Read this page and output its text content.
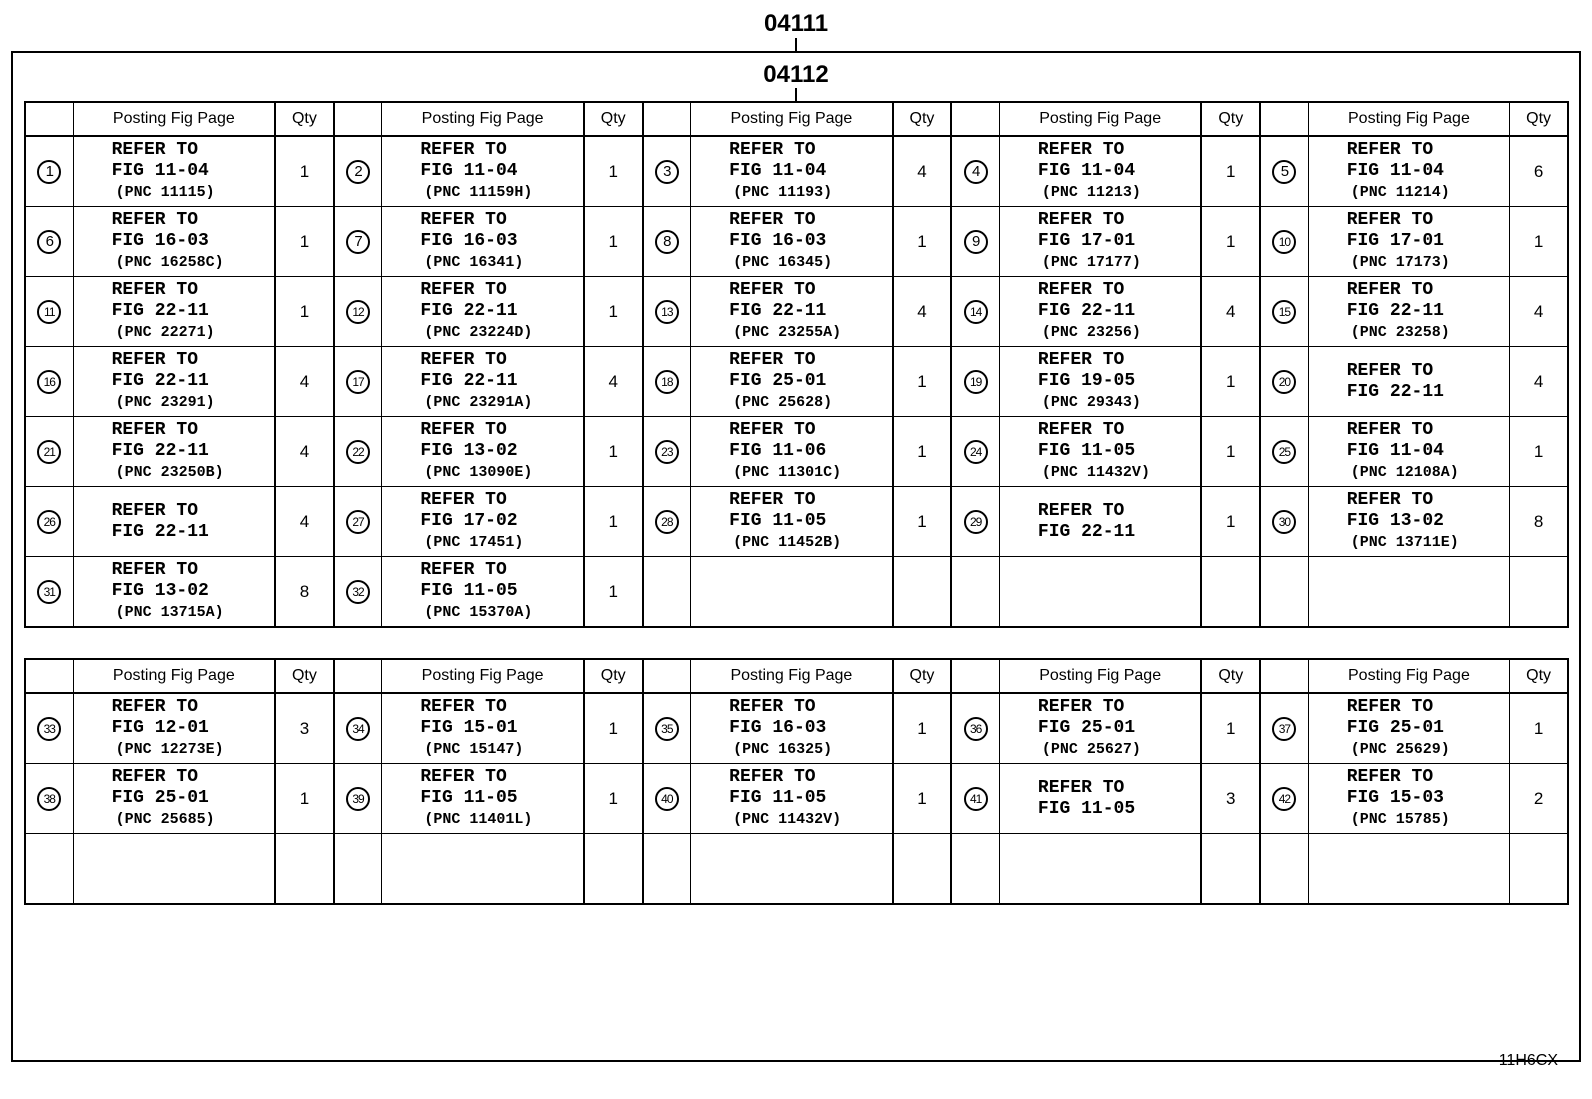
04111
04112
	Posting Fig Page	Qty		Posting Fig Page	Qty		Posting Fig Page	Qty		Posting Fig Page	Qty		Posting Fig Page	Qty
1	REFER TO
FIG 11-04
(PNC 11115)	1	2	REFER TO
FIG 11-04
(PNC 11159H)	1	3	REFER TO
FIG 11-04
(PNC 11193)	4	4	REFER TO
FIG 11-04
(PNC 11213)	1	5	REFER TO
FIG 11-04
(PNC 11214)	6
6	REFER TO
FIG 16-03
(PNC 16258C)	1	7	REFER TO
FIG 16-03
(PNC 16341)	1	8	REFER TO
FIG 16-03
(PNC 16345)	1	9	REFER TO
FIG 17-01
(PNC 17177)	1	10	REFER TO
FIG 17-01
(PNC 17173)	1
11	REFER TO
FIG 22-11
(PNC 22271)	1	12	REFER TO
FIG 22-11
(PNC 23224D)	1	13	REFER TO
FIG 22-11
(PNC 23255A)	4	14	REFER TO
FIG 22-11
(PNC 23256)	4	15	REFER TO
FIG 22-11
(PNC 23258)	4
16	REFER TO
FIG 22-11
(PNC 23291)	4	17	REFER TO
FIG 22-11
(PNC 23291A)	4	18	REFER TO
FIG 25-01
(PNC 25628)	1	19	REFER TO
FIG 19-05
(PNC 29343)	1	20	REFER TO
FIG 22-11	4
21	REFER TO
FIG 22-11
(PNC 23250B)	4	22	REFER TO
FIG 13-02
(PNC 13090E)	1	23	REFER TO
FIG 11-06
(PNC 11301C)	1	24	REFER TO
FIG 11-05
(PNC 11432V)	1	25	REFER TO
FIG 11-04
(PNC 12108A)	1
26	REFER TO
FIG 22-11	4	27	REFER TO
FIG 17-02
(PNC 17451)	1	28	REFER TO
FIG 11-05
(PNC 11452B)	1	29	REFER TO
FIG 22-11	1	30	REFER TO
FIG 13-02
(PNC 13711E)	8
31	REFER TO
FIG 13-02
(PNC 13715A)	8	32	REFER TO
FIG 11-05
(PNC 15370A)	1									
	Posting Fig Page	Qty		Posting Fig Page	Qty		Posting Fig Page	Qty		Posting Fig Page	Qty		Posting Fig Page	Qty
33	REFER TO
FIG 12-01
(PNC 12273E)	3	34	REFER TO
FIG 15-01
(PNC 15147)	1	35	REFER TO
FIG 16-03
(PNC 16325)	1	36	REFER TO
FIG 25-01
(PNC 25627)	1	37	REFER TO
FIG 25-01
(PNC 25629)	1
38	REFER TO
FIG 25-01
(PNC 25685)	1	39	REFER TO
FIG 11-05
(PNC 11401L)	1	40	REFER TO
FIG 11-05
(PNC 11432V)	1	41	REFER TO
FIG 11-05	3	42	REFER TO
FIG 15-03
(PNC 15785)	2

11H6CX
